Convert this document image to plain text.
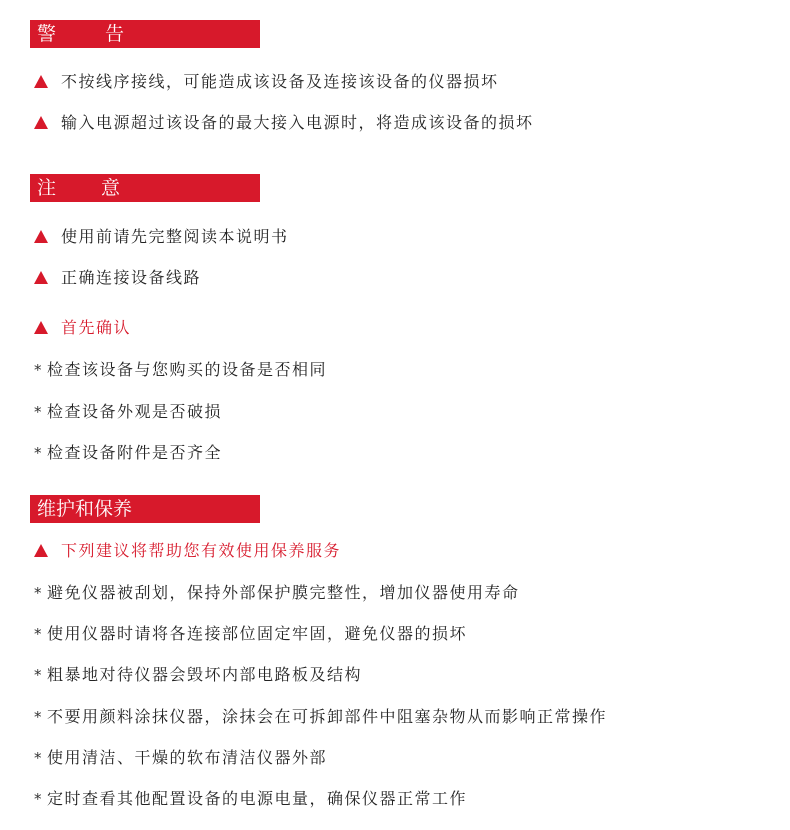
警	告
不按线序接线，可能造成该设备及连接该设备的仪器损坏
输入电源超过该设备的最大接入电源时，将造成该设备的损坏
注 意
使用前请先完整阅读本说明书
正确连接设备线路
首先确认
* 检查该设备与您购买的设备是否相同
* 检查设备外观是否破损
* 检查设备附件是否齐全
维护和保养
下列建议将帮助您有效使用保养服务
* 避免仪器被刮划，保持外部保护膜完整性，增加仪器使用寿命
* 使用仪器时请将各连接部位固定牢固，避免仪器的损坏
* 粗暴地对待仪器会毁坏内部电路板及结构
* 不要用颜料涂抹仪器，涂抹会在可拆卸部件中阻塞杂物从而影响正常操作
* 使用清洁、干燥的软布清洁仪器外部
* 定时查看其他配置设备的电源电量，确保仪器正常工作
